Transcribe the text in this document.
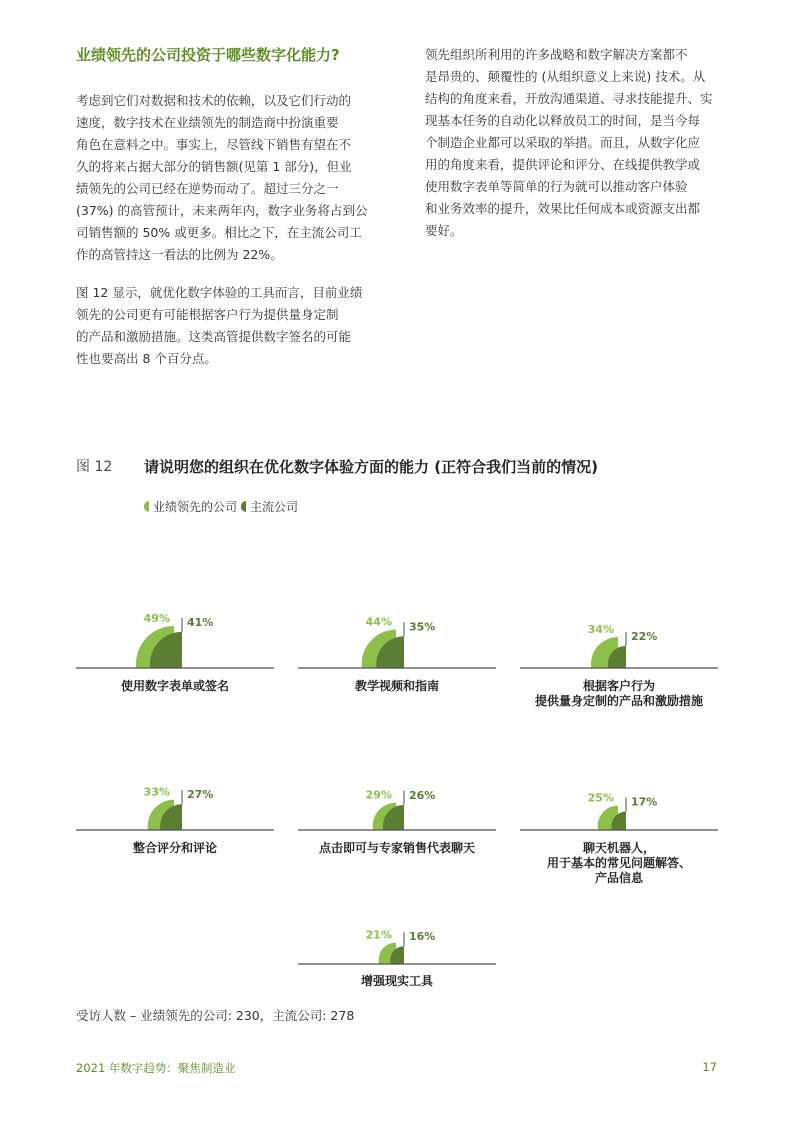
业绩领先的公司投资于哪些数字化能力?
考虑到它们对数据和技术的依赖，以及它们行动的
速度，数字技术在业绩领先的制造商中扮演重要
角色在意料之中。事实上，尽管线下销售有望在不
久的将来占据大部分的销售额(见第 1 部分)，但业
绩领先的公司已经在逆势而动了。超过三分之一
(37%) 的高管预计，未来两年内，数字业务将占到公
司销售额的 50% 或更多。相比之下，在主流公司工
作的高管持这一看法的比例为 22%。
图 12 显示，就优化数字体验的工具而言，目前业绩
领先的公司更有可能根据客户行为提供量身定制
的产品和激励措施。这类高管提供数字签名的可能
性也要高出 8 个百分点。
领先组织所利用的许多战略和数字解决方案都不
是昂贵的、颠覆性的 (从组织意义上来说) 技术。从
结构的角度来看，开放沟通渠道、寻求技能提升、实
现基本任务的自动化以释放员工的时间，是当今每
个制造企业都可以采取的举措。而且，从数字化应
用的角度来看，提供评论和评分、在线提供教学或
使用数字表单等简单的行为就可以推动客户体验
和业务效率的提升，效果比任何成本或资源支出都
要好。
图 12 请说明您的组织在优化数字体验方面的能力 (正符合我们当前的情况)
业绩领先的公司 主流公司
49% 41%
使用数字表单或签名
44% 35%
教学视频和指南
34%
22%
根据客户行为
提供量身定制的产品和激励措施
33% 27%
整合评分和评论
29% 26%
点击即可与专家销售代表聊天
25% 17%
聊天机器人，
用于基本的常见问题解答、
产品信息
21% 16%
增强现实工具
受访人数 – 业绩领先的公司: 230，主流公司: 278
2021 年数字趋势：聚焦制造业	17
